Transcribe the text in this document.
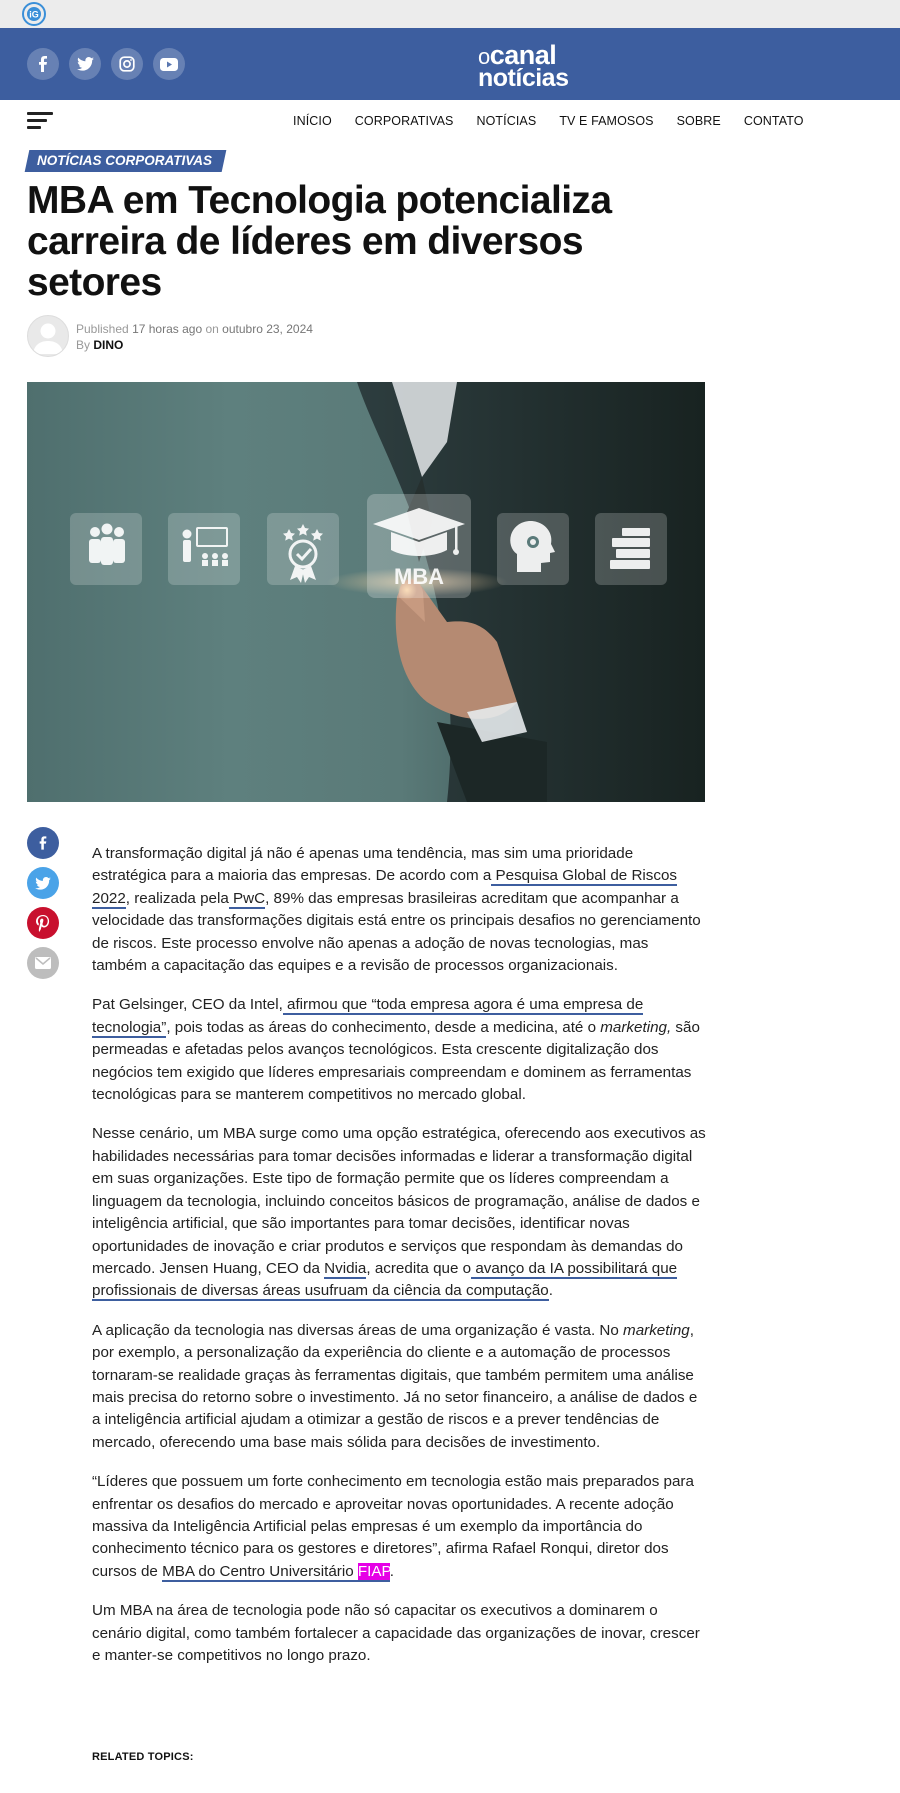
iG
ocanal
notícias
INÍCIO CORPORATIVAS NOTÍCIAS TV E FAMOSOS SOBRE CONTATO
NOTÍCIAS CORPORATIVAS
MBA em Tecnologia potencializa carreira de líderes em diversos setores
Published 17 horas ago on outubro 23, 2024
By DINO
MBA

A transformação digital já não é apenas uma tendência, mas sim uma prioridade estratégica para a maioria das empresas. De acordo com a Pesquisa Global de Riscos 2022, realizada pela PwC, 89% das empresas brasileiras acreditam que acompanhar a velocidade das transformações digitais está entre os principais desafios no gerenciamento de riscos. Este processo envolve não apenas a adoção de novas tecnologias, mas também a capacitação das equipes e a revisão de processos organizacionais.

Pat Gelsinger, CEO da Intel, afirmou que “toda empresa agora é uma empresa de tecnologia”, pois todas as áreas do conhecimento, desde a medicina, até o marketing, são permeadas e afetadas pelos avanços tecnológicos. Esta crescente digitalização dos negócios tem exigido que líderes empresariais compreendam e dominem as ferramentas tecnológicas para se manterem competitivos no mercado global.

Nesse cenário, um MBA surge como uma opção estratégica, oferecendo aos executivos as habilidades necessárias para tomar decisões informadas e liderar a transformação digital em suas organizações. Este tipo de formação permite que os líderes compreendam a linguagem da tecnologia, incluindo conceitos básicos de programação, análise de dados e inteligência artificial, que são importantes para tomar decisões, identificar novas oportunidades de inovação e criar produtos e serviços que respondam às demandas do mercado. Jensen Huang, CEO da Nvidia, acredita que o avanço da IA possibilitará que profissionais de diversas áreas usufruam da ciência da computação.

A aplicação da tecnologia nas diversas áreas de uma organização é vasta. No marketing, por exemplo, a personalização da experiência do cliente e a automação de processos tornaram-se realidade graças às ferramentas digitais, que também permitem uma análise mais precisa do retorno sobre o investimento. Já no setor financeiro, a análise de dados e a inteligência artificial ajudam a otimizar a gestão de riscos e a prever tendências de mercado, oferecendo uma base mais sólida para decisões de investimento.

“Líderes que possuem um forte conhecimento em tecnologia estão mais preparados para enfrentar os desafios do mercado e aproveitar novas oportunidades. A recente adoção massiva da Inteligência Artificial pelas empresas é um exemplo da importância do conhecimento técnico para os gestores e diretores”, afirma Rafael Ronqui, diretor dos cursos de MBA do Centro Universitário FIAP.

Um MBA na área de tecnologia pode não só capacitar os executivos a dominarem o cenário digital, como também fortalecer a capacidade das organizações de inovar, crescer e manter-se competitivos no longo prazo.

RELATED TOPICS:
